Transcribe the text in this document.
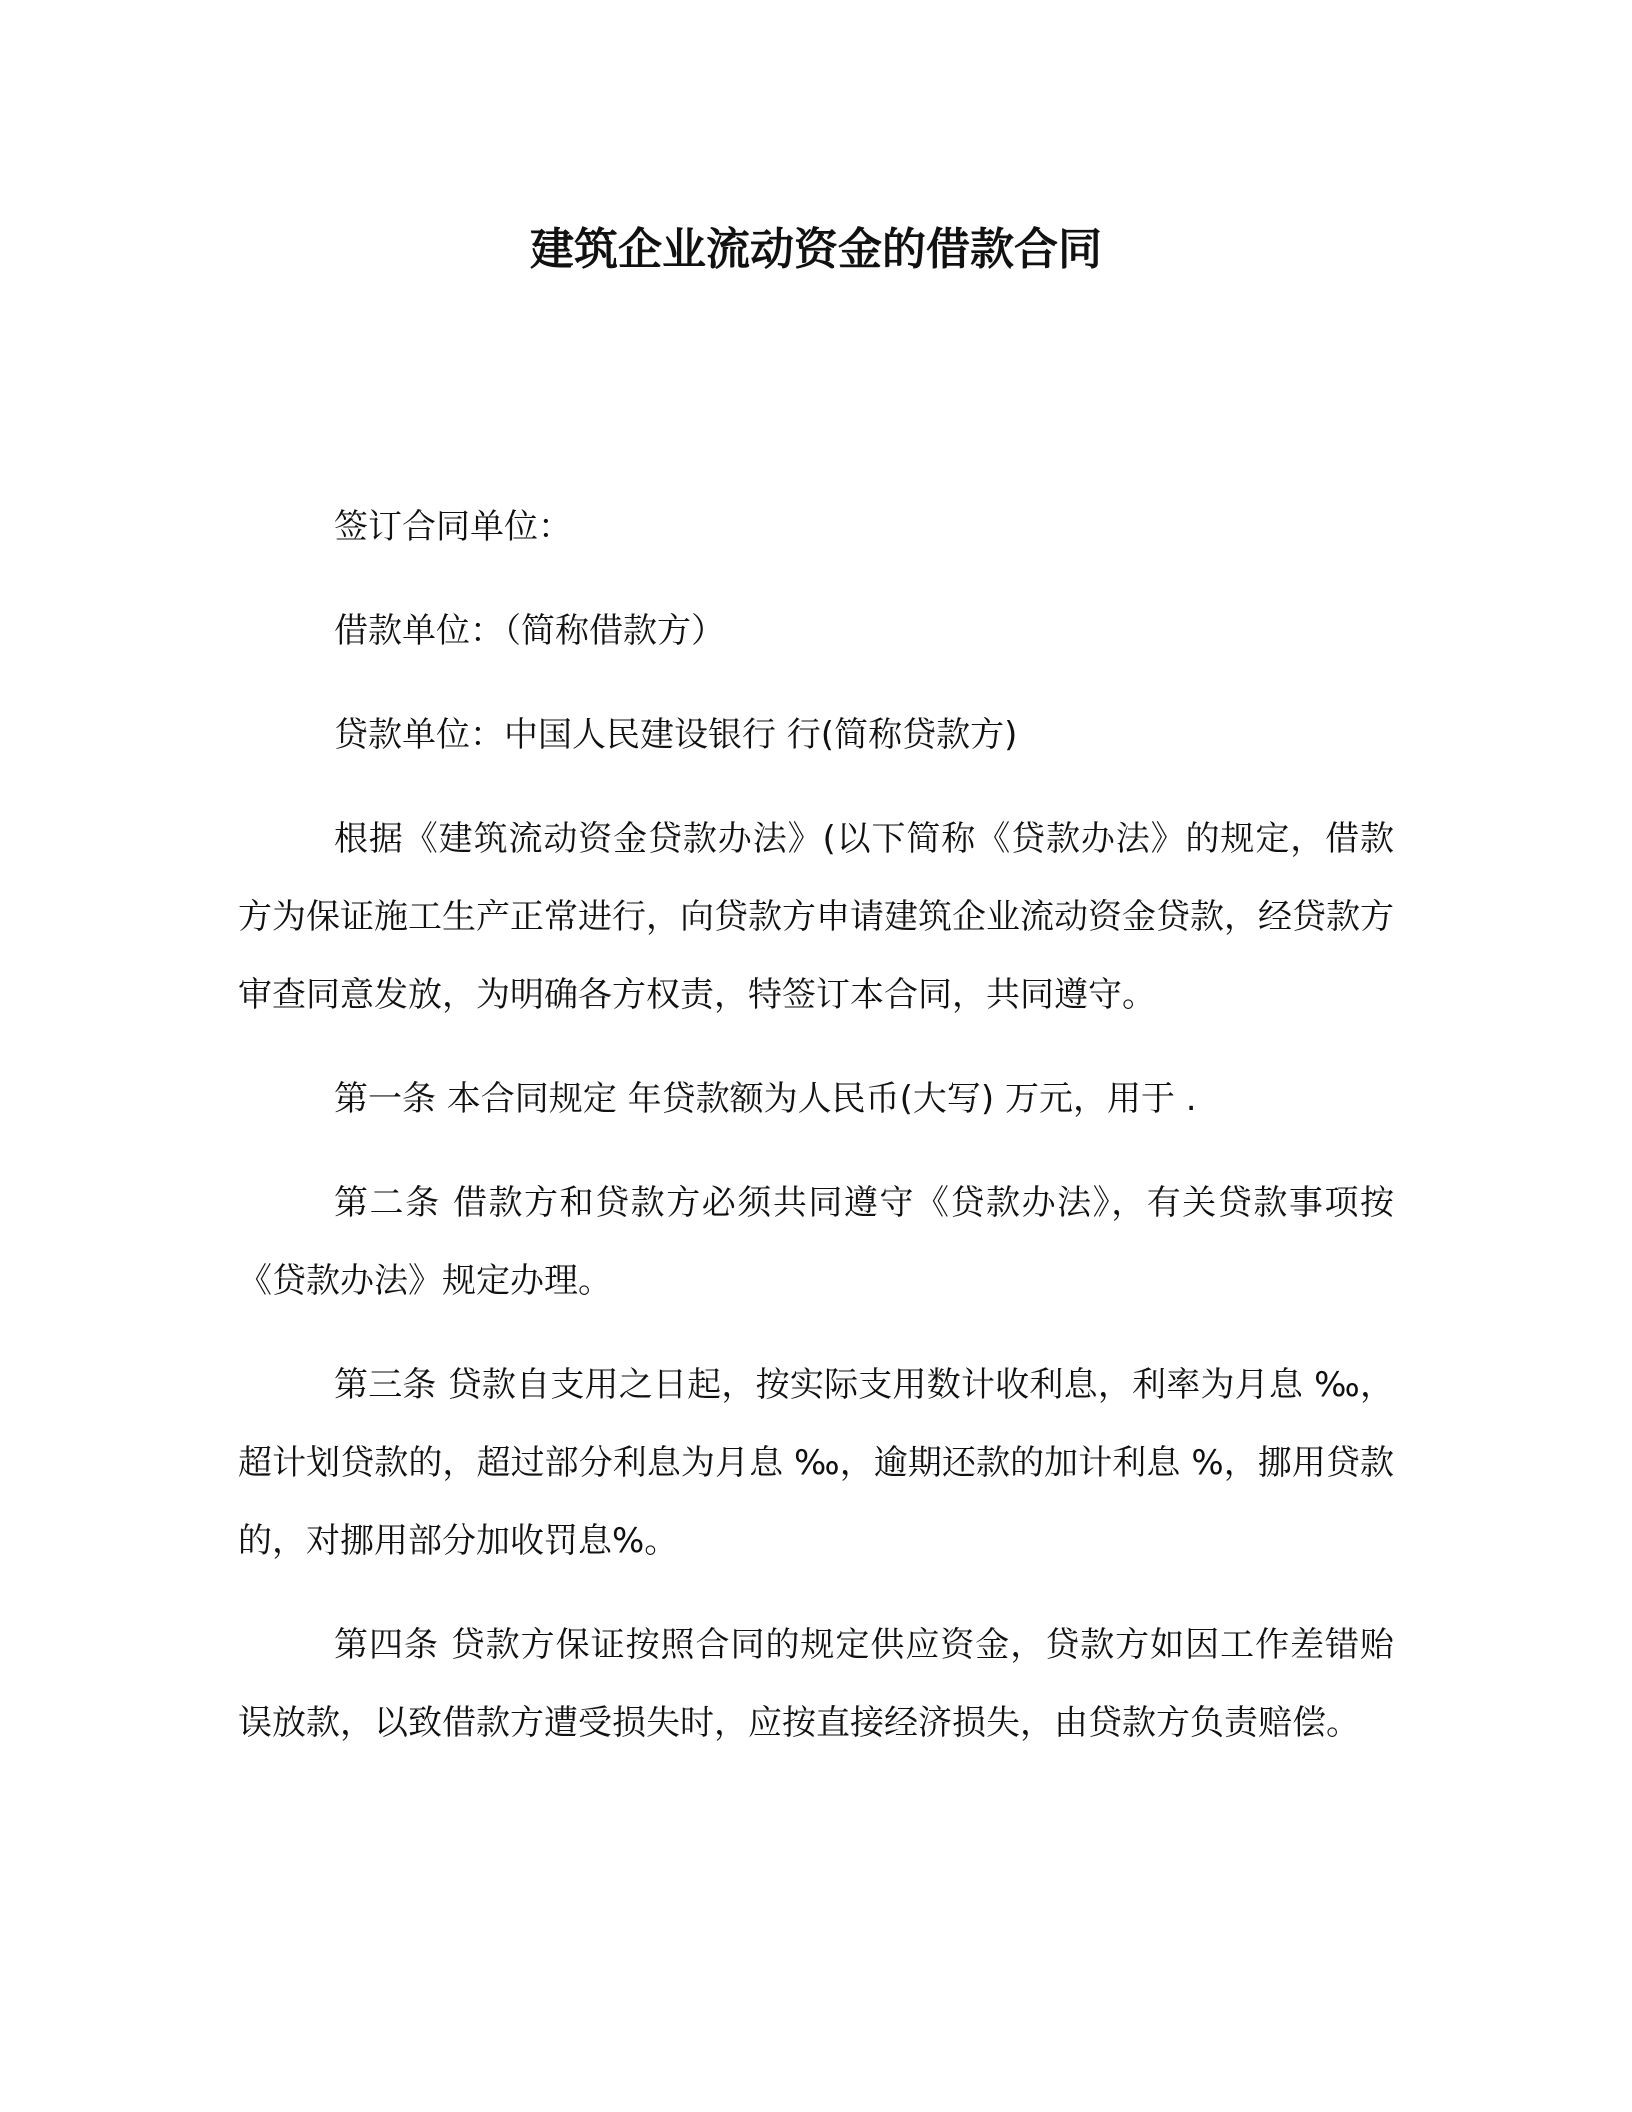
建筑企业流动资金的借款合同

签订合同单位：

借款单位：（简称借款方）

贷款单位：中国人民建设银行 行(简称贷款方)

根据《建筑流动资金贷款办法》(以下简称《贷款办法》的规定，借款方为保证施工生产正常进行，向贷款方申请建筑企业流动资金贷款，经贷款方审查同意发放，为明确各方权责，特签订本合同，共同遵守。

第一条 本合同规定 年贷款额为人民币(大写) 万元，用于 .

第二条 借款方和贷款方必须共同遵守《贷款办法》，有关贷款事项按《贷款办法》规定办理。

第三条 贷款自支用之日起，按实际支用数计收利息，利率为月息 ‰，超计划贷款的，超过部分利息为月息 ‰，逾期还款的加计利息 %，挪用贷款的，对挪用部分加收罚息%。

第四条 贷款方保证按照合同的规定供应资金，贷款方如因工作差错贻误放款，以致借款方遭受损失时，应按直接经济损失，由贷款方负责赔偿。
